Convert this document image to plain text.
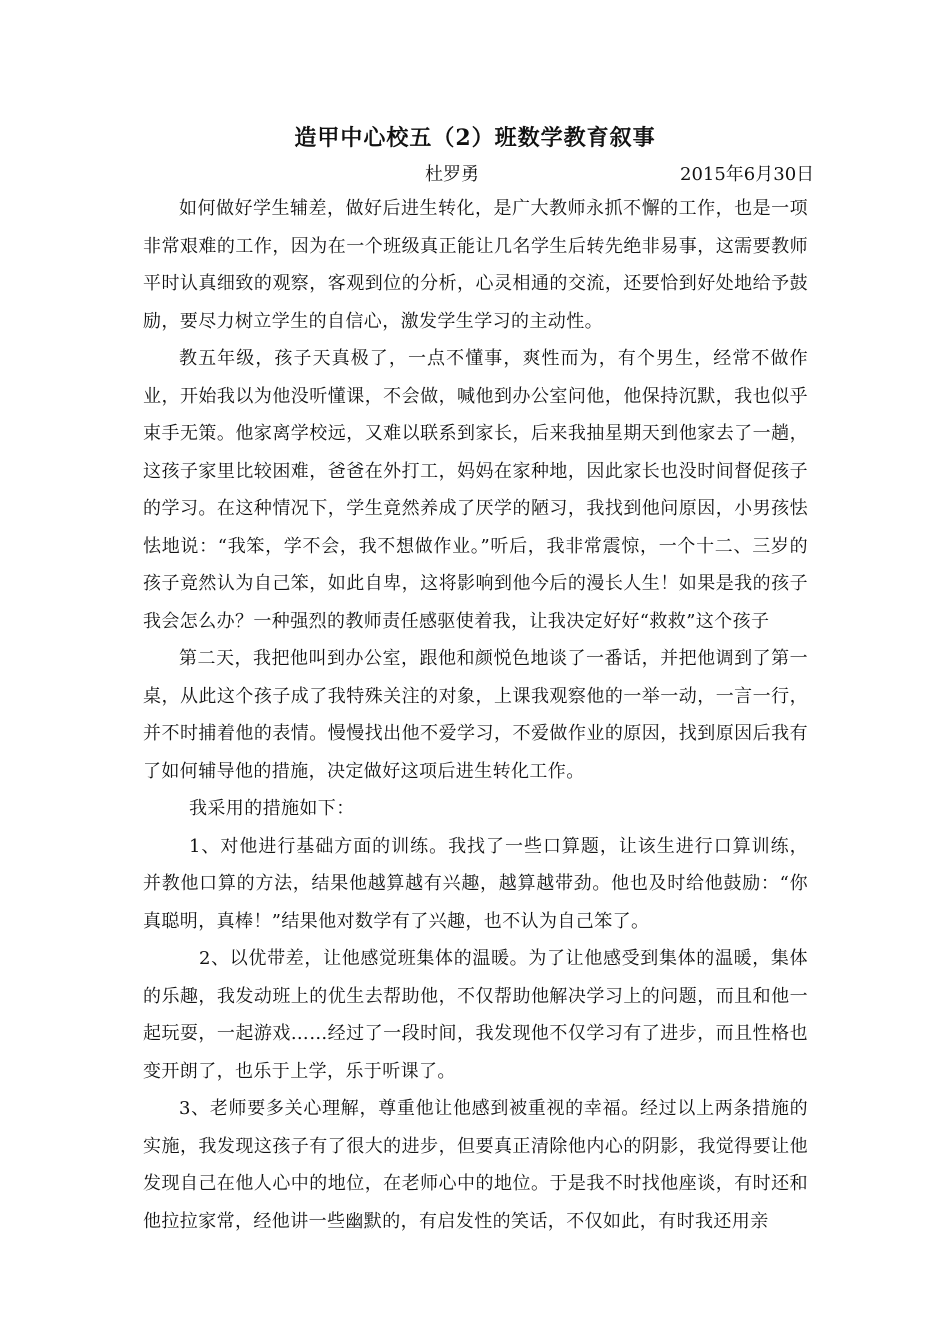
造甲中心校五（2）班数学教育叙事
杜罗勇	2015年6月30日

如何做好学生辅差，做好后进生转化，是广大教师永抓不懈的工作，也是一项非常艰难的工作，因为在一个班级真正能让几名学生后转先绝非易事，这需要教师平时认真细致的观察，客观到位的分析，心灵相通的交流，还要恰到好处地给予鼓励，要尽力树立学生的自信心，激发学生学习的主动性。

教五年级，孩子天真极了，一点不懂事，爽性而为，有个男生，经常不做作业，开始我以为他没听懂课，不会做，喊他到办公室问他，他保持沉默，我也似乎束手无策。他家离学校远，又难以联系到家长，后来我抽星期天到他家去了一趟，这孩子家里比较困难，爸爸在外打工，妈妈在家种地，因此家长也没时间督促孩子的学习。在这种情况下，学生竟然养成了厌学的陋习，我找到他问原因，小男孩怯怯地说：“我笨，学不会，我不想做作业。”听后，我非常震惊，一个十二、三岁的孩子竟然认为自己笨，如此自卑，这将影响到他今后的漫长人生！如果是我的孩子我会怎么办？一种强烈的教师责任感驱使着我，让我决定好好“救救”这个孩子

第二天，我把他叫到办公室，跟他和颜悦色地谈了一番话，并把他调到了第一桌，从此这个孩子成了我特殊关注的对象，上课我观察他的一举一动，一言一行，并不时捕着他的表情。慢慢找出他不爱学习，不爱做作业的原因，找到原因后我有了如何辅导他的措施，决定做好这项后进生转化工作。

我采用的措施如下：

1、对他进行基础方面的训练。我找了一些口算题，让该生进行口算训练，并教他口算的方法，结果他越算越有兴趣，越算越带劲。他也及时给他鼓励：“你真聪明，真棒！”结果他对数学有了兴趣，也不认为自己笨了。

2、以优带差，让他感觉班集体的温暖。为了让他感受到集体的温暖，集体的乐趣，我发动班上的优生去帮助他，不仅帮助他解决学习上的问题，而且和他一起玩耍，一起游戏……经过了一段时间，我发现他不仅学习有了进步，而且性格也变开朗了，也乐于上学，乐于听课了。

3、老师要多关心理解，尊重他让他感到被重视的幸福。经过以上两条措施的实施，我发现这孩子有了很大的进步，但要真正清除他内心的阴影，我觉得要让他发现自己在他人心中的地位，在老师心中的地位。于是我不时找他座谈，有时还和他拉拉家常，经他讲一些幽默的，有启发性的笑话，不仅如此，有时我还用亲
